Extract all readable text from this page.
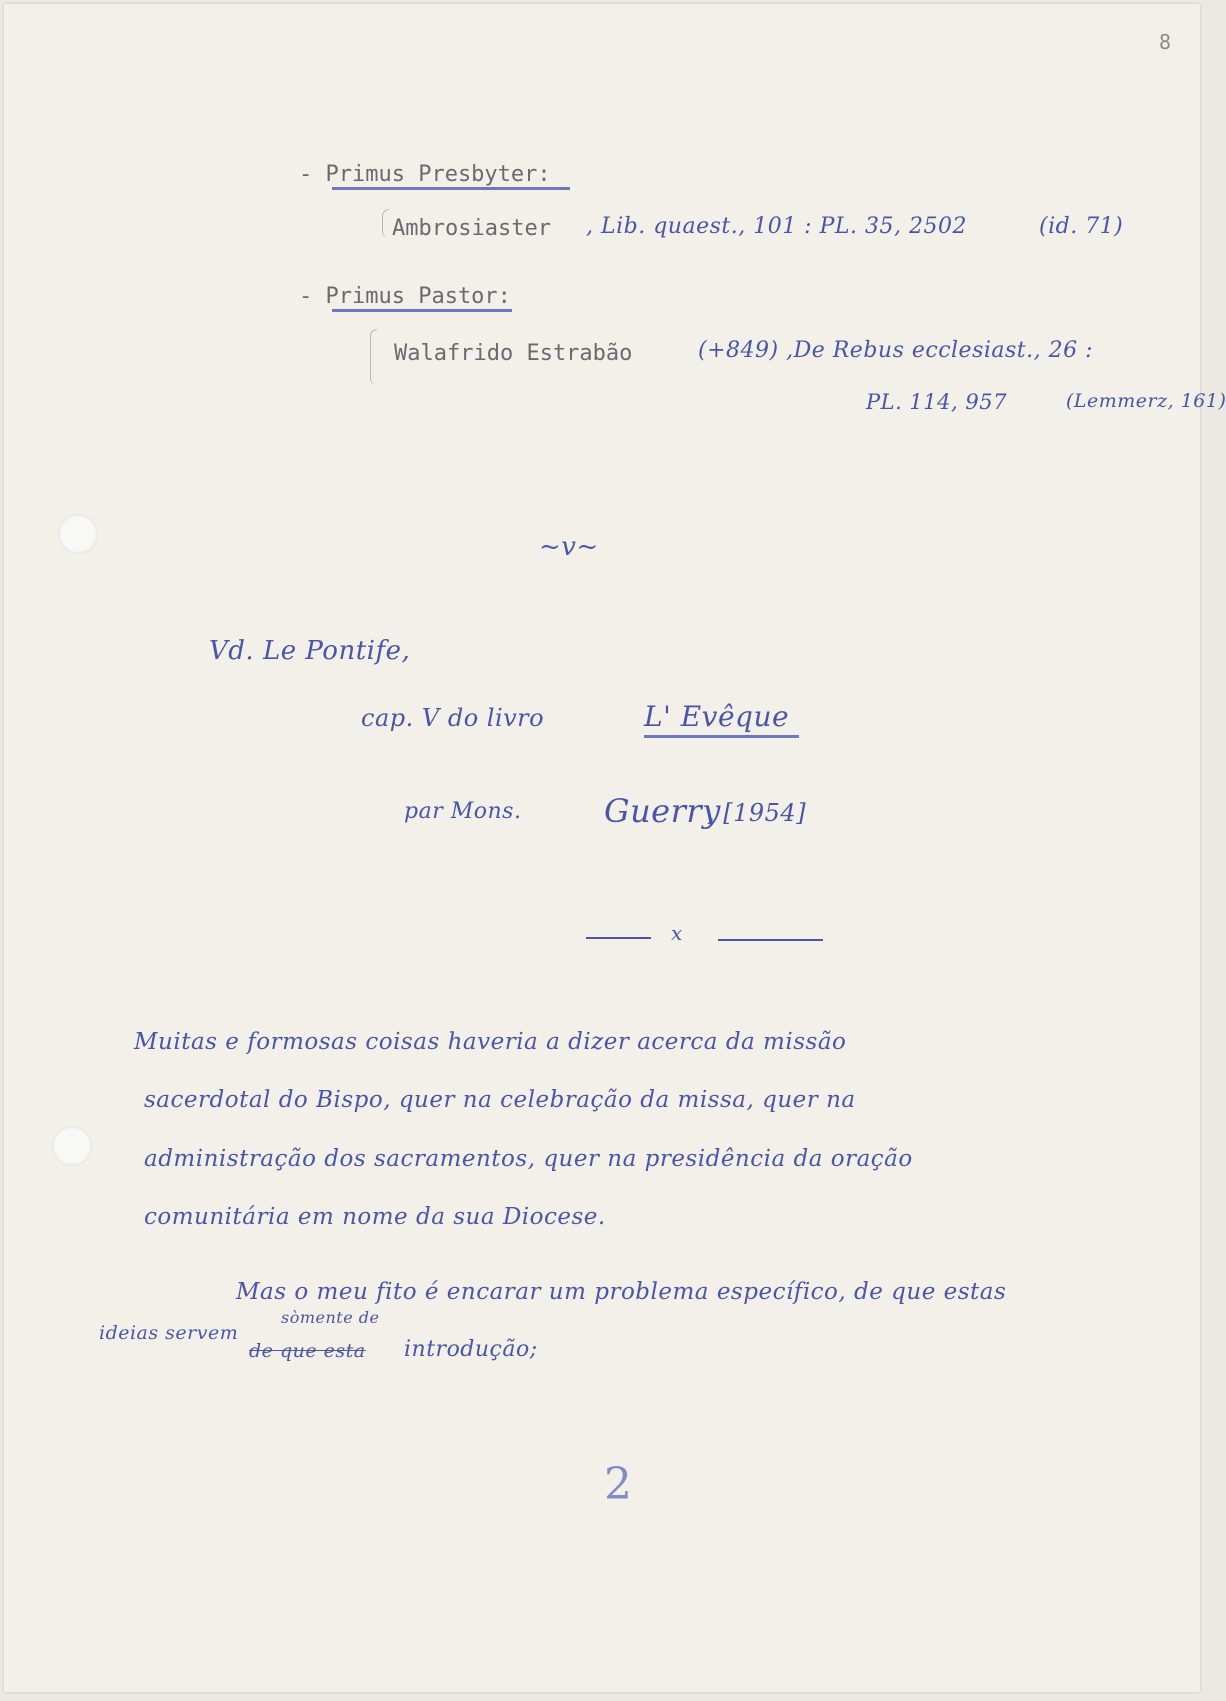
8
- Primus Presbyter:
Ambrosiaster , Lib. quaest., 101 : PL. 35, 2502	(id. 71)
- Primus Pastor:
Walafrido Estrabão	(+849) ,De Rebus ecclesiast., 26 :
PL. 114, 957	(Lemmerz, 161)
~v~
Vd. Le Pontife,
cap. V do livro	L' Evêque
par Mons.	Guerry
, [1954]
x
Muitas e formosas coisas haveria a dizer acerca da missão
sacerdotal do Bispo, quer na celebração da missa, quer na
administração dos sacramentos, quer na presidência da oração
comunitária em nome da sua Diocese.
Mas o meu fito é encarar um problema específico, de que estas
ideias servem
sòmente de
de que esta introdução;
2
